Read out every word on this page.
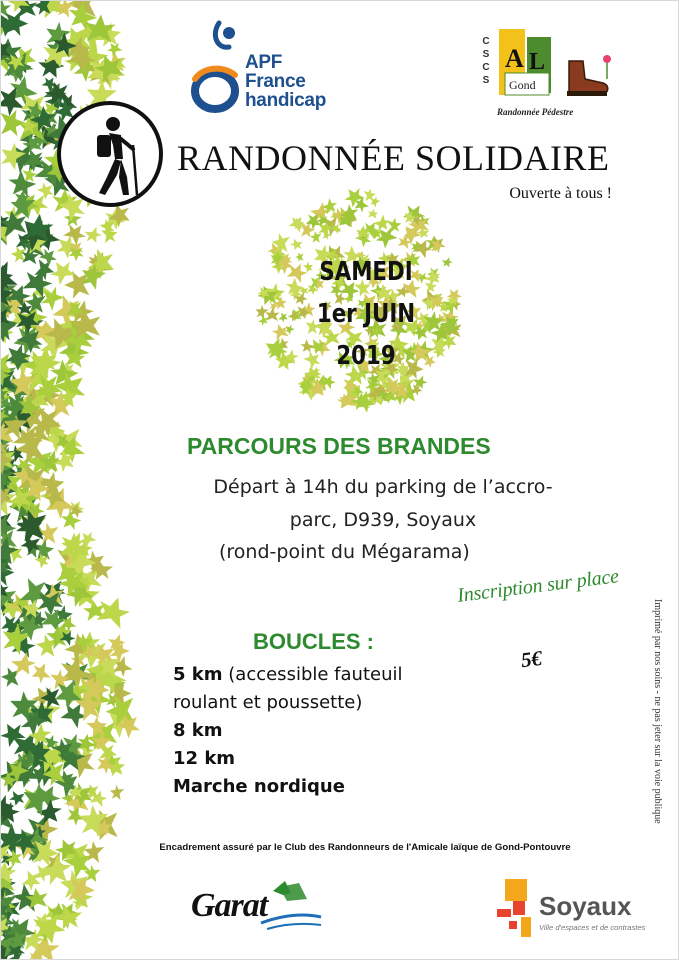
APF
France
handicap
C
S
C
S
A L
Gond
Randonnée Pédestre
RANDONNÉE SOLIDAIRE
Ouverte à tous !
SAMEDI
1er JUIN
2019
PARCOURS DES BRANDES
Départ à 14h du parking de l’accro-
parc, D939, Soyaux
(rond-point du Mégarama)
Inscription sur place
5€
BOUCLES :
5 km (accessible fauteuil
roulant et poussette)
8 km
12 km
Marche nordique	Imprimé par nos soins - ne pas jeter sur la voie publique
Encadrement assuré par le Club des Randonneurs de l'Amicale laïque de Gond-Pontouvre
Garat	Soyaux
Ville d'espaces et de contrastes
